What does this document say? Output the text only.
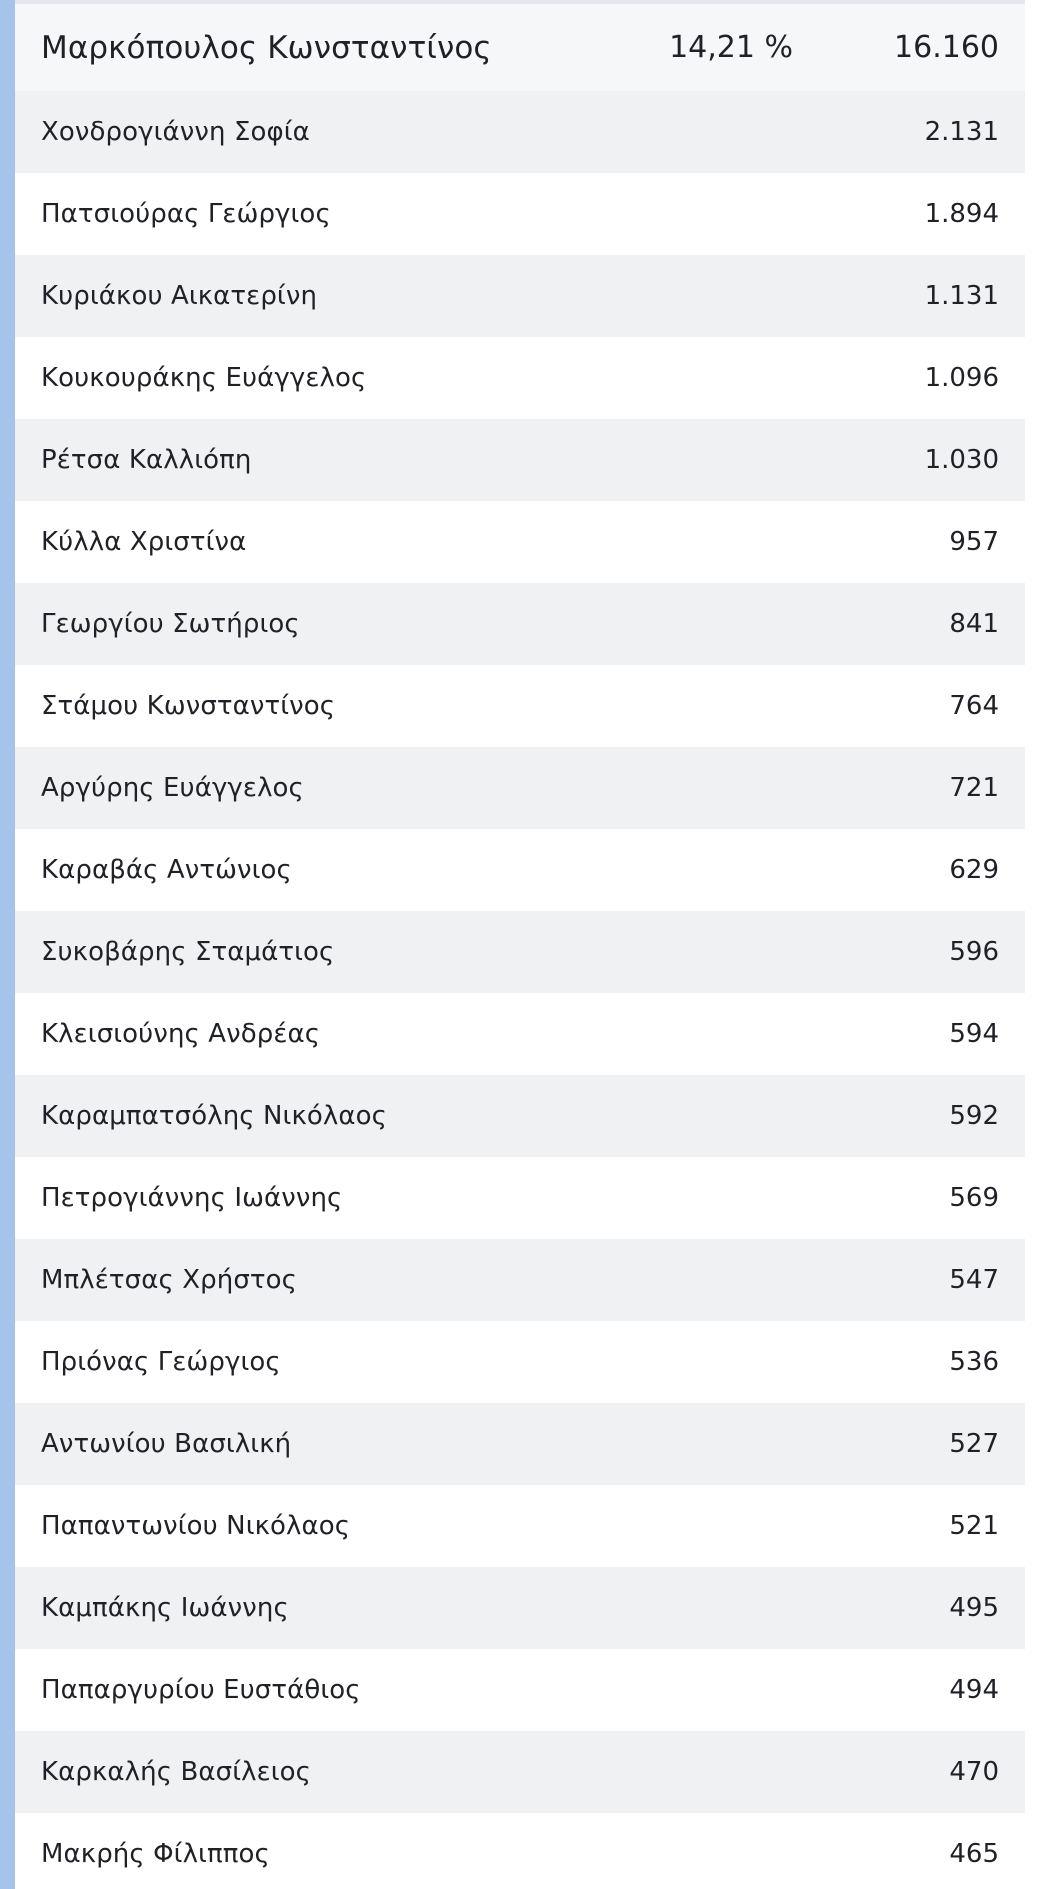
Μαρκόπουλος Κωνσταντίνος	14,21 %	16.160
Χονδρογιάννη Σοφία	2.131
Πατσιούρας Γεώργιος	1.894
Κυριάκου Αικατερίνη	1.131
Κουκουράκης Ευάγγελος	1.096
Ρέτσα Καλλιόπη	1.030
Κύλλα Χριστίνα	957
Γεωργίου Σωτήριος	841
Στάμου Κωνσταντίνος	764
Αργύρης Ευάγγελος	721
Καραβάς Αντώνιος	629
Συκοβάρης Σταμάτιος	596
Κλεισιούνης Ανδρέας	594
Καραμπατσόλης Νικόλαος	592
Πετρογιάννης Ιωάννης	569
Μπλέτσας Χρήστος	547
Πριόνας Γεώργιος	536
Αντωνίου Βασιλική	527
Παπαντωνίου Νικόλαος	521
Καμπάκης Ιωάννης	495
Παπαργυρίου Ευστάθιος	494
Καρκαλής Βασίλειος	470
Μακρής Φίλιππος	465
